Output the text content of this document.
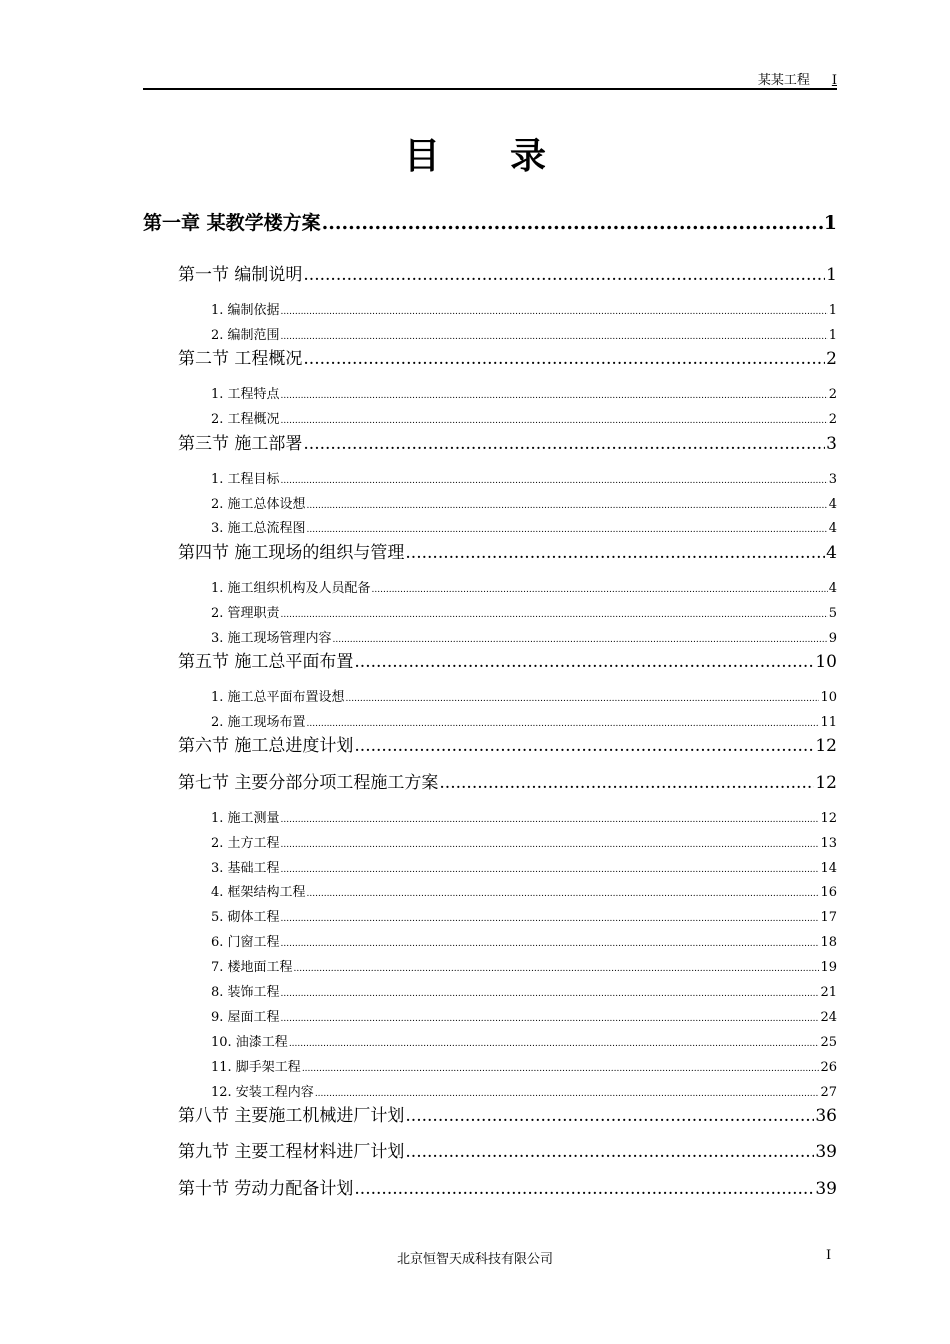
某某工程 I
目录
第一章 某教学楼方案 .....	1
第一节 编制说明 .....	1
1. 编制依据 .....	1
2. 编制范围 .....	1
第二节 工程概况 .....	2
1. 工程特点 .....	2
2. 工程概况 .....	2
第三节 施工部署 .....	3
1. 工程目标 .....	3
2. 施工总体设想 .....	4
3. 施工总流程图 .....	4
第四节 施工现场的组织与管理 .....	4
1. 施工组织机构及人员配备 .....	4
2. 管理职责 .....	5
3. 施工现场管理内容 .....	9
第五节 施工总平面布置 .....	10
1. 施工总平面布置设想 .....	10
2. 施工现场布置 .....	11
第六节 施工总进度计划 .....	12
第七节 主要分部分项工程施工方案 .....	12
1. 施工测量 .....	12
2. 土方工程 .....	13
3. 基础工程 .....	14
4. 框架结构工程 .....	16
5. 砌体工程 .....	17
6. 门窗工程 .....	18
7. 楼地面工程 .....	19
8. 装饰工程 .....	21
9. 屋面工程 .....	24
10. 油漆工程 .....	25
11. 脚手架工程 .....	26
12. 安装工程内容 .....	27
第八节 主要施工机械进厂计划 .....	36
第九节 主要工程材料进厂计划 .....	39
第十节 劳动力配备计划 .....	39
北京恒智天成科技有限公司	I
